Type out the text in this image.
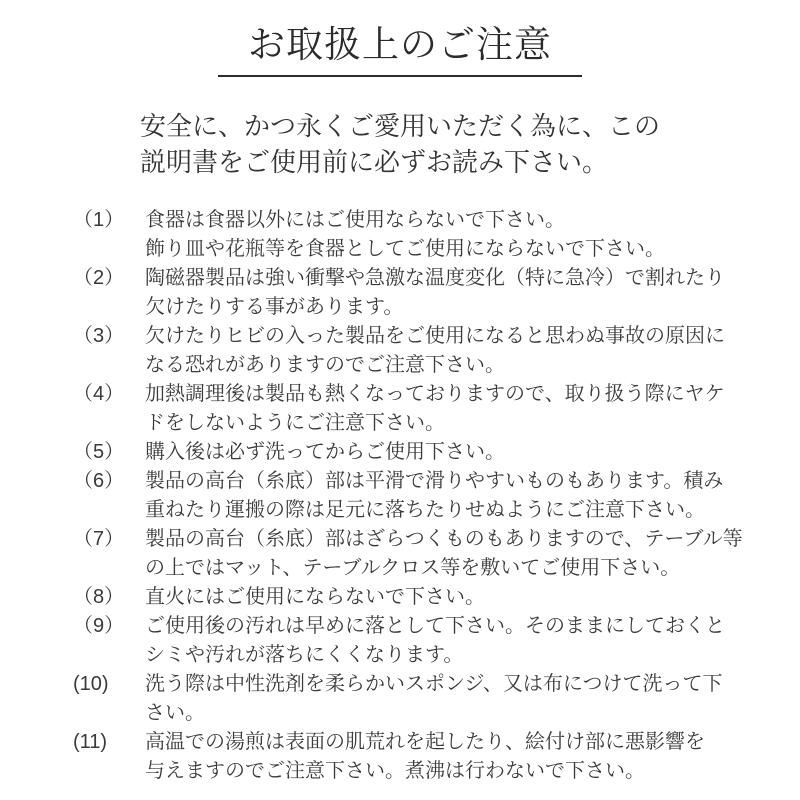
お取扱上のご注意
安全に、かつ永くご愛用いただく為に、この
説明書をご使用前に必ずお読み下さい。
（1）	食器は食器以外にはご使用ならないで下さい。
飾り皿や花瓶等を食器としてご使用にならないで下さい。
（2）	陶磁器製品は強い衝撃や急激な温度変化（特に急冷）で割れたり
欠けたりする事があります。
（3）	欠けたりヒビの入った製品をご使用になると思わぬ事故の原因に
なる恐れがありますのでご注意下さい。
（4）	加熱調理後は製品も熱くなっておりますので、取り扱う際にヤケ
ドをしないようにご注意下さい。
（5）	購入後は必ず洗ってからご使用下さい。
（6）	製品の高台（糸底）部は平滑で滑りやすいものもあります。積み
重ねたり運搬の際は足元に落ちたりせぬようにご注意下さい。
（7）	製品の高台（糸底）部はざらつくものもありますので、テーブル等
の上ではマット、テーブルクロス等を敷いてご使用下さい。
（8）	直火にはご使用にならないで下さい。
（9）	ご使用後の汚れは早めに落として下さい。そのままにしておくと
シミや汚れが落ちにくくなります。
(10)	洗う際は中性洗剤を柔らかいスポンジ、又は布につけて洗って下
さい。
(11)	高温での湯煎は表面の肌荒れを起したり、絵付け部に悪影響を
与えますのでご注意下さい。煮沸は行わないで下さい。
